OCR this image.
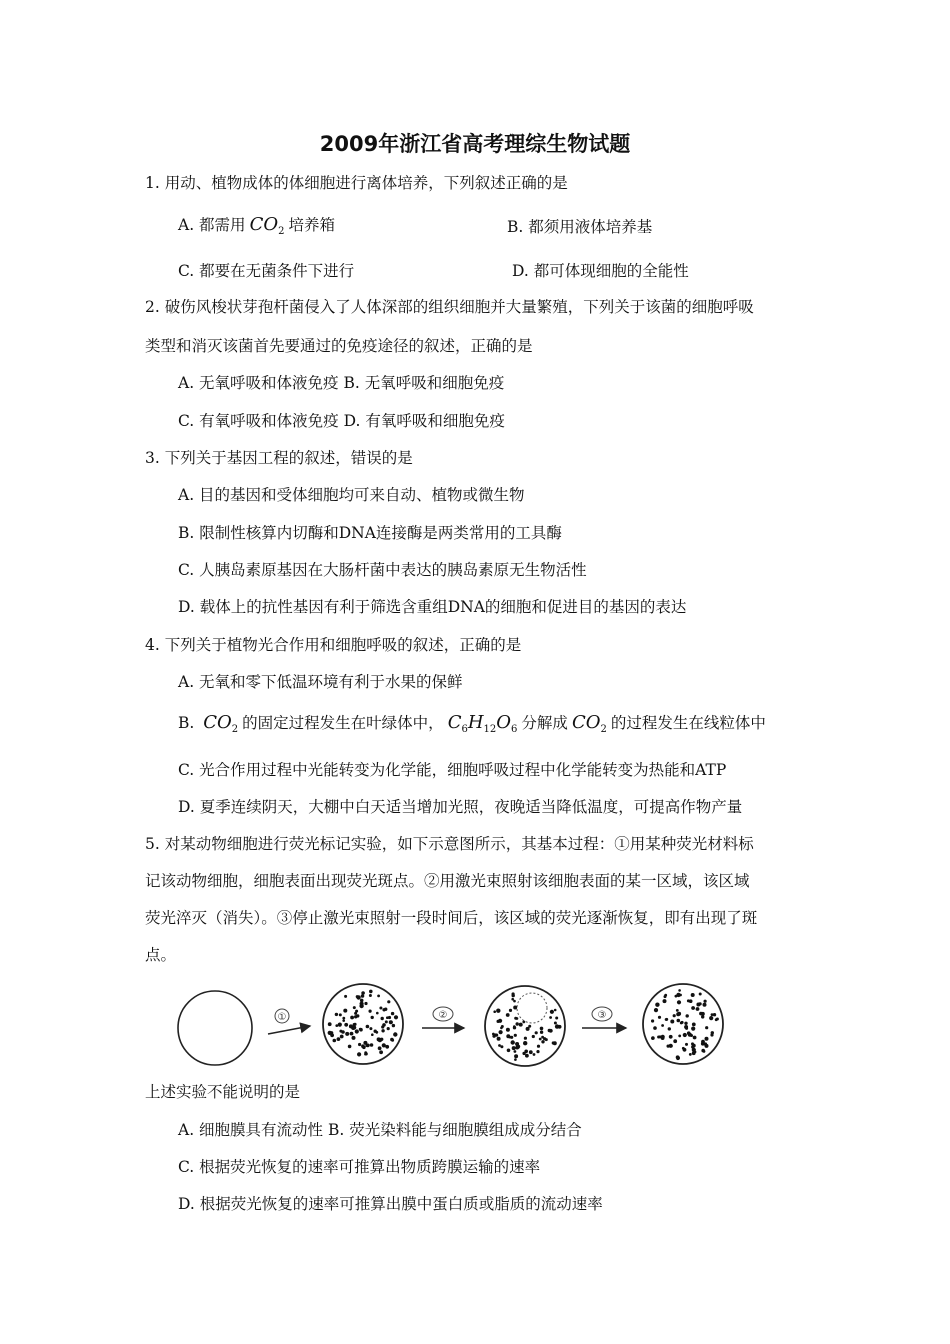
2009年浙江省高考理综生物试题
1. 用动、植物成体的体细胞进行离体培养，下列叙述正确的是
A. 都需用 $CO_2$ 培养箱	B. 都须用液体培养基
C. 都要在无菌条件下进行	D. 都可体现细胞的全能性
2. 破伤风梭状芽孢杆菌侵入了人体深部的组织细胞并大量繁殖，下列关于该菌的细胞呼吸
类型和消灭该菌首先要通过的免疫途径的叙述，正确的是
A. 无氧呼吸和体液免疫 B. 无氧呼吸和细胞免疫
C. 有氧呼吸和体液免疫 D. 有氧呼吸和细胞免疫
3. 下列关于基因工程的叙述，错误的是
A. 目的基因和受体细胞均可来自动、植物或微生物
B. 限制性核算内切酶和DNA连接酶是两类常用的工具酶
C. 人胰岛素原基因在大肠杆菌中表达的胰岛素原无生物活性
D. 载体上的抗性基因有利于筛选含重组DNA的细胞和促进目的基因的表达
4. 下列关于植物光合作用和细胞呼吸的叙述，正确的是
A. 无氧和零下低温环境有利于水果的保鲜
B. $CO_2$ 的固定过程发生在叶绿体中， $C_6H_{12}O_6$ 分解成 $CO_2$ 的过程发生在线粒体中
C. 光合作用过程中光能转变为化学能，细胞呼吸过程中化学能转变为热能和ATP
D. 夏季连续阴天，大棚中白天适当增加光照，夜晚适当降低温度，可提高作物产量
5. 对某动物细胞进行荧光标记实验，如下示意图所示，其基本过程：①用某种荧光材料标
记该动物细胞，细胞表面出现荧光斑点。②用激光束照射该细胞表面的某一区域，该区域
荧光淬灭（消失）。③停止激光束照射一段时间后，该区域的荧光逐渐恢复，即有出现了斑
点。
①	②	③
上述实验不能说明的是
A. 细胞膜具有流动性 B. 荧光染料能与细胞膜组成成分结合
C. 根据荧光恢复的速率可推算出物质跨膜运输的速率
D. 根据荧光恢复的速率可推算出膜中蛋白质或脂质的流动速率
